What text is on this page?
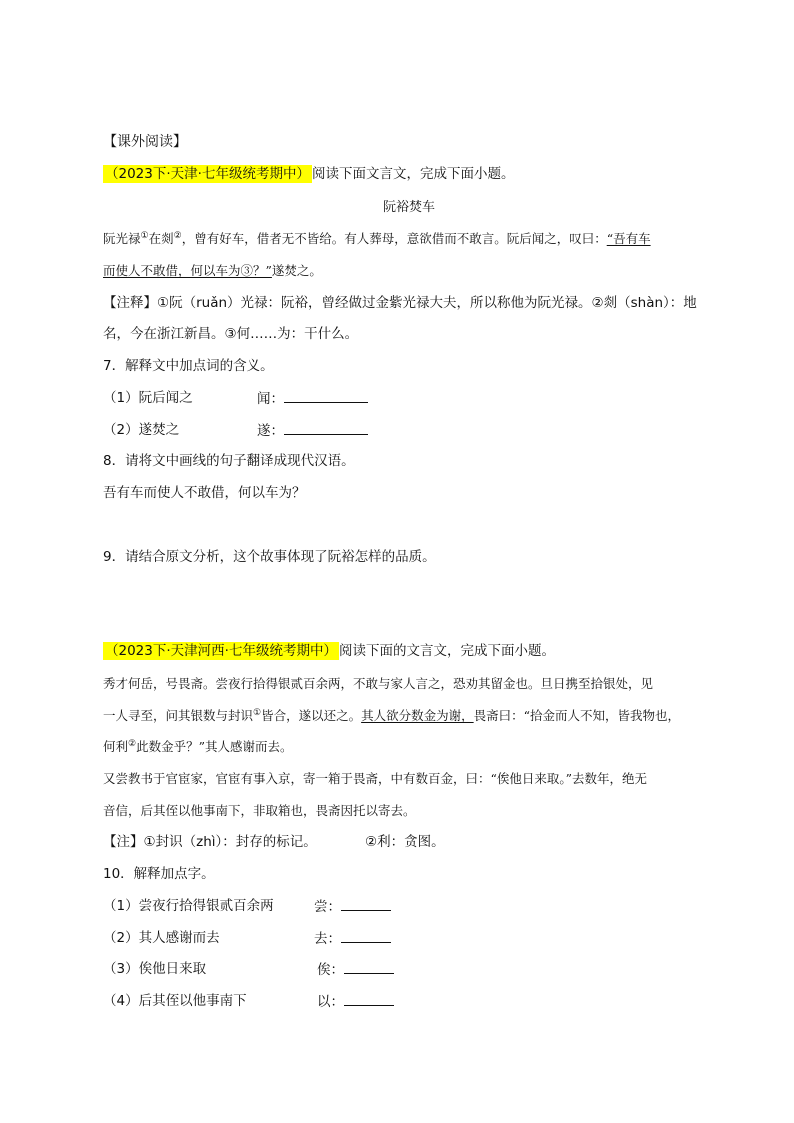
【课外阅读】
（2023下·天津·七年级统考期中） 阅读下面文言文，完成下面小题。
阮裕焚车
阮光禄①在剡②，曾有好车，借者无不皆给。有人葬母，意欲借而不敢言。阮后闻之，叹曰：“吾有车
而使人不敢借，何以车为③？”遂焚之。
【注释】①阮（ruǎn）光禄：阮裕，曾经做过金紫光禄大夫，所以称他为阮光禄。②剡（shàn）：地
名，今在浙江新昌。③何……为：干什么。
7．解释文中加点词的含义。
（1）阮后闻之	闻：
（2）遂焚之	遂：
8．请将文中画线的句子翻译成现代汉语。
吾有车而使人不敢借，何以车为？
9．请结合原文分析，这个故事体现了阮裕怎样的品质。
（2023下·天津河西·七年级统考期中） 阅读下面的文言文，完成下面小题。
秀才何岳，号畏斋。尝夜行拾得银贰百余两，不敢与家人言之，恐劝其留金也。旦日携至拾银处，见
一人寻至，问其银数与封识①皆合，遂以还之。其人欲分数金为谢，畏斋曰：“拾金而人不知，皆我物也，
何利②此数金乎？”其人感谢而去。
又尝教书于官宦家，官宦有事入京，寄一箱于畏斋，中有数百金，曰：“俟他日来取。”去数年，绝无
音信，后其侄以他事南下，非取箱也，畏斋因托以寄去。
【注】①封识（zhì）：封存的标记。	②利：贪图。
10．解释加点字。
（1）尝夜行拾得银贰百余两	尝：
（2）其人感谢而去	去：
（3）俟他日来取	俟：
（4）后其侄以他事南下	以：
